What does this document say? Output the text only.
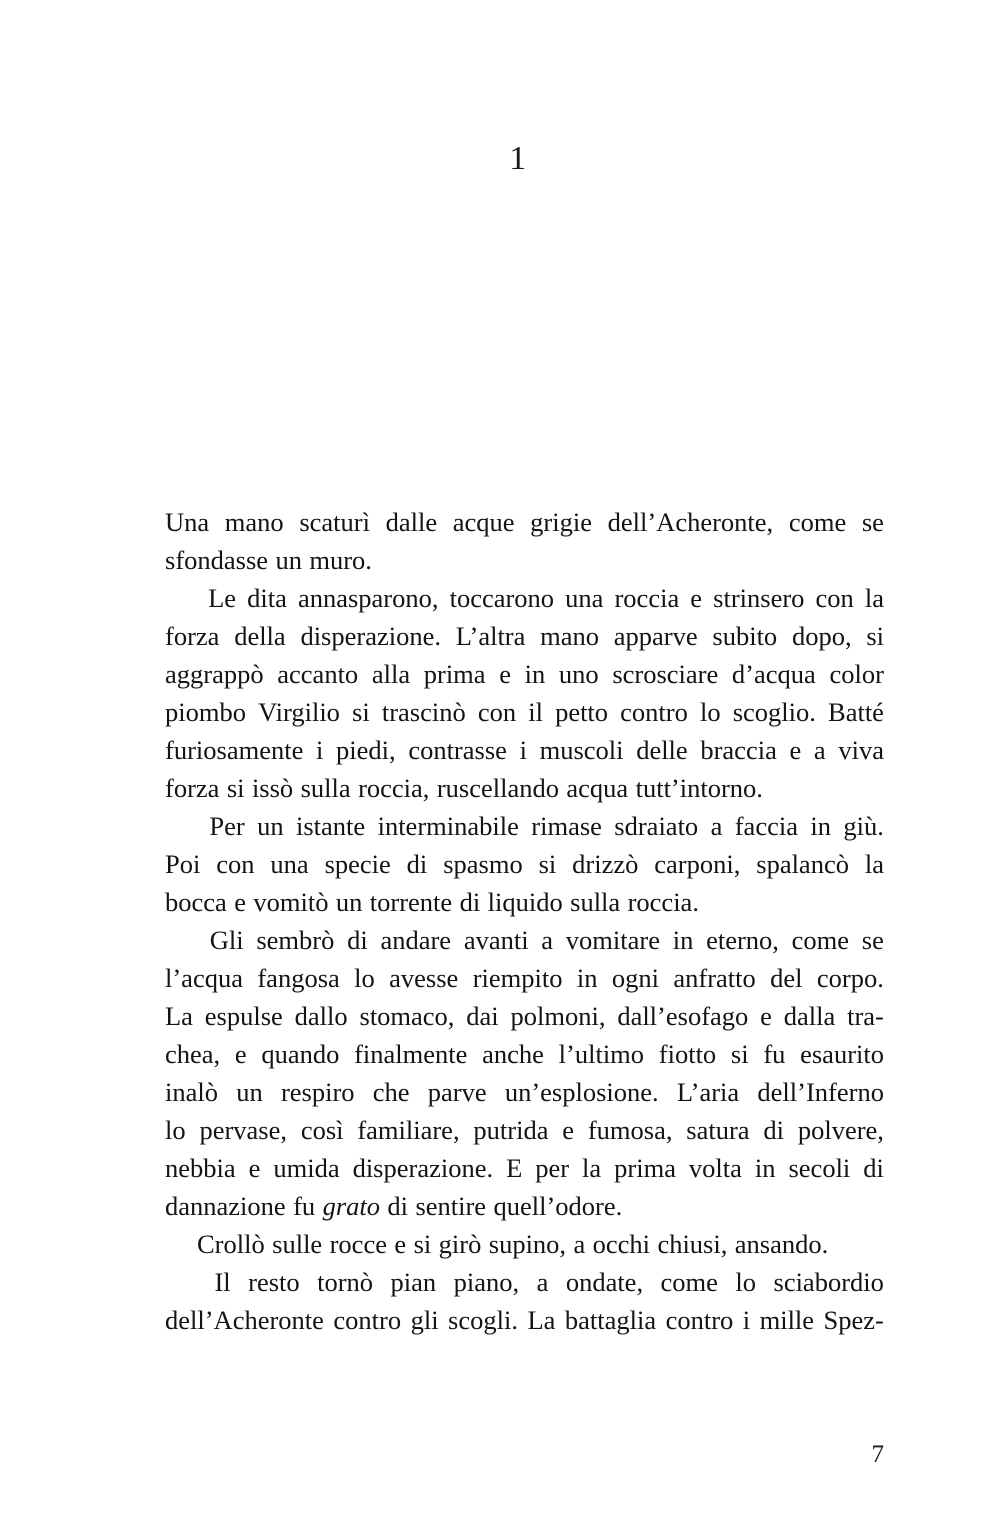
1

Una mano scaturì dalle acque grigie dell’Acheronte, come se
sfondasse un muro.

Le dita annasparono, toccarono una roccia e strinsero con la
forza della disperazione. L’altra mano apparve subito dopo, si
aggrappò accanto alla prima e in uno scrosciare d’acqua color
piombo Virgilio si trascinò con il petto contro lo scoglio. Batté
furiosamente i piedi, contrasse i muscoli delle braccia e a viva
forza si issò sulla roccia, ruscellando acqua tutt’intorno.

Per un istante interminabile rimase sdraiato a faccia in giù.
Poi con una specie di spasmo si drizzò carponi, spalancò la
bocca e vomitò un torrente di liquido sulla roccia.

Gli sembrò di andare avanti a vomitare in eterno, come se
l’acqua fangosa lo avesse riempito in ogni anfratto del corpo.
La espulse dallo stomaco, dai polmoni, dall’esofago e dalla tra-
chea, e quando finalmente anche l’ultimo fiotto si fu esaurito
inalò un respiro che parve un’esplosione. L’aria dell’Inferno
lo pervase, così familiare, putrida e fumosa, satura di polvere,
nebbia e umida disperazione. E per la prima volta in secoli di
dannazione fu grato di sentire quell’odore.

Crollò sulle rocce e si girò supino, a occhi chiusi, ansando.

Il resto tornò pian piano, a ondate, come lo sciabordio
dell’Acheronte contro gli scogli. La battaglia contro i mille Spez-

7
